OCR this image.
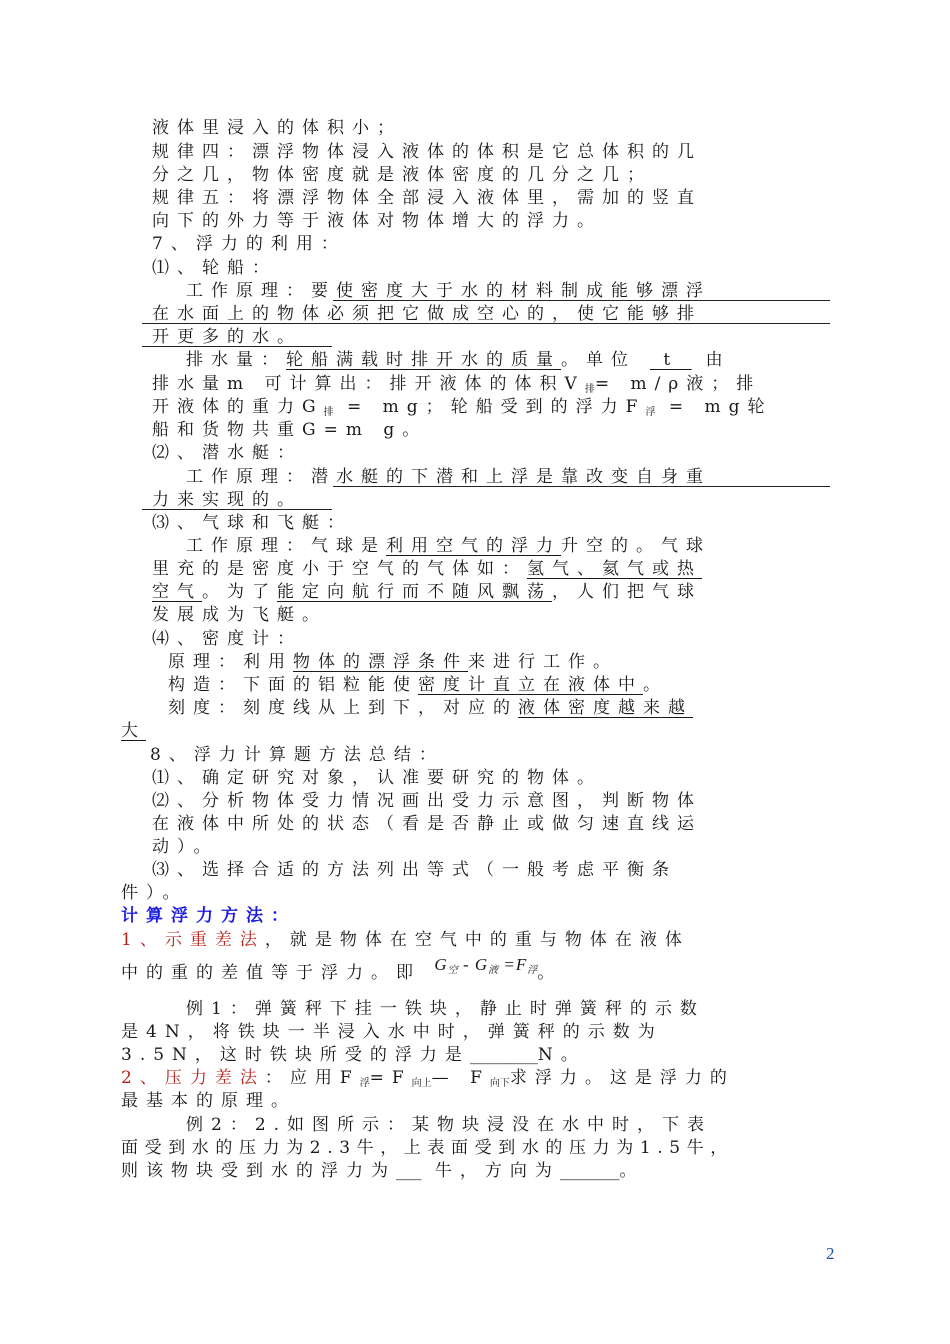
液体里浸入的体积小；
规律四：漂浮物体浸入液体的体积是它总体积的几
分之几，物体密度就是液体密度的几分之几；
规律五：将漂浮物体全部浸入液体里，需加的竖直
向下的外力等于液体对物体增大的浮力。
7、浮力的利用：
⑴、轮船：
工作原理：要使密度大于水的材料制成能够漂浮
在水面上的物体必须把它做成空心的，使它能够排
开更多的水。
排水量：轮船满载时排开水的质量。单位 t 由
排水量m 可计算出：排开液体的体积$V_排= m/\rho$液；排
开液体的重力$G_排$ = mg；轮船受到的浮力$F_浮$ = mg轮
船和货物共重G=m g。
⑵、潜水艇：
工作原理：潜水艇的下潜和上浮是靠改变自身重
力来实现的。
⑶、气球和飞艇：
工作原理：气球是利用空气的浮力升空的。气球
里充的是密度小于空气的气体如：氢气、氦气或热
空气。为了能定向航行而不随风飘荡，人们把气球
发展成为飞艇。
⑷、密度计：
原理：利用物体的漂浮条件来进行工作。
构造：下面的铝粒能使密度计直立在液体中。
刻度：刻度线从上到下，对应的液体密度越来越
大
8、浮力计算题方法总结：
⑴、确定研究对象，认准要研究的物体。
⑵、分析物体受力情况画出受力示意图，判断物体
在液体中所处的状态（看是否静止或做匀速直线运
动）。
⑶、选择合适的方法列出等式（一般考虑平衡条
件）。
计算浮力方法：
1、示重差法，就是物体在空气中的重与物体在液体
中的重的差值等于浮力。即 $G_空 - G_液 =F_浮$。
例1：弹簧秤下挂一铁块，静止时弹簧秤的示数
是4N，将铁块一半浸入水中时，弹簧秤的示数为
3.5N，这时铁块所受的浮力是________N。
2、压力差法：应用$F_浮=F_{向上}—$ $F_{向下}$求浮力。这是浮力的
最基本的原理。
例2：2.如图所示：某物块浸没在水中时，下表
面受到水的压力为2.3牛，上表面受到水的压力为1.5牛，
则该物块受到水的浮力为___ 牛，方向为_______。
2
